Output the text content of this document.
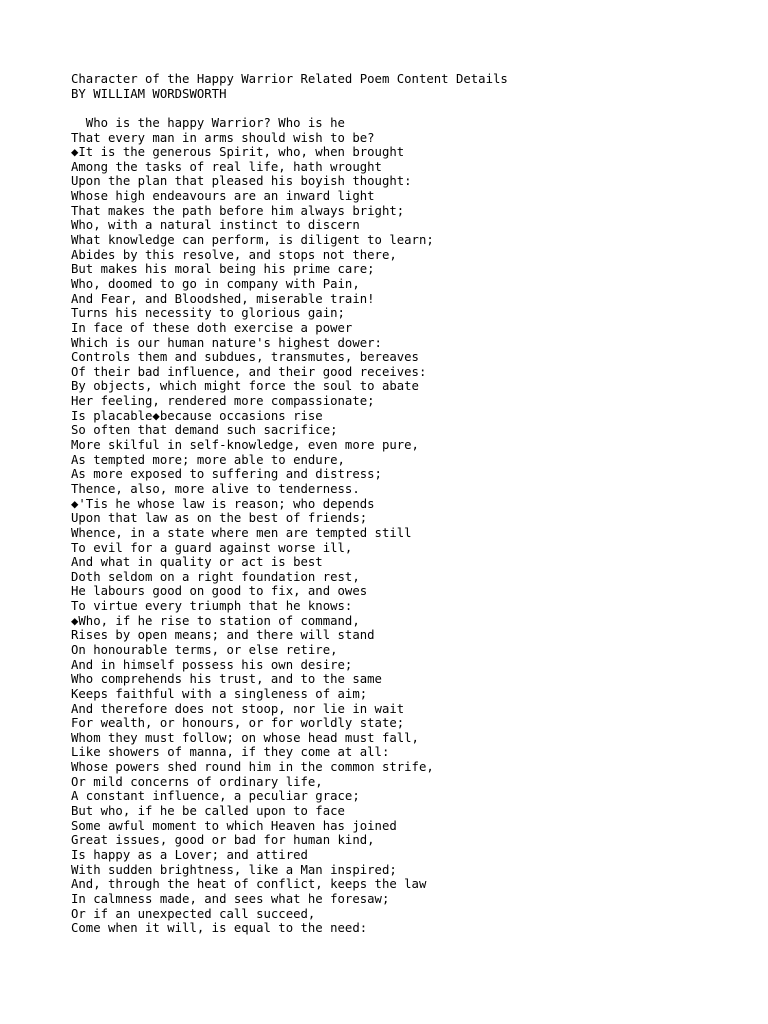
Character of the Happy Warrior Related Poem Content Details
BY WILLIAM WORDSWORTH
Who is the happy Warrior? Who is he
That every man in arms should wish to be?
◆It is the generous Spirit, who, when brought
Among the tasks of real life, hath wrought
Upon the plan that pleased his boyish thought:
Whose high endeavours are an inward light
That makes the path before him always bright;
Who, with a natural instinct to discern
What knowledge can perform, is diligent to learn;
Abides by this resolve, and stops not there,
But makes his moral being his prime care;
Who, doomed to go in company with Pain,
And Fear, and Bloodshed, miserable train!
Turns his necessity to glorious gain;
In face of these doth exercise a power
Which is our human nature's highest dower:
Controls them and subdues, transmutes, bereaves
Of their bad influence, and their good receives:
By objects, which might force the soul to abate
Her feeling, rendered more compassionate;
Is placable◆because occasions rise
So often that demand such sacrifice;
More skilful in self-knowledge, even more pure,
As tempted more; more able to endure,
As more exposed to suffering and distress;
Thence, also, more alive to tenderness.
◆'Tis he whose law is reason; who depends
Upon that law as on the best of friends;
Whence, in a state where men are tempted still
To evil for a guard against worse ill,
And what in quality or act is best
Doth seldom on a right foundation rest,
He labours good on good to fix, and owes
To virtue every triumph that he knows:
◆Who, if he rise to station of command,
Rises by open means; and there will stand
On honourable terms, or else retire,
And in himself possess his own desire;
Who comprehends his trust, and to the same
Keeps faithful with a singleness of aim;
And therefore does not stoop, nor lie in wait
For wealth, or honours, or for worldly state;
Whom they must follow; on whose head must fall,
Like showers of manna, if they come at all:
Whose powers shed round him in the common strife,
Or mild concerns of ordinary life,
A constant influence, a peculiar grace;
But who, if he be called upon to face
Some awful moment to which Heaven has joined
Great issues, good or bad for human kind,
Is happy as a Lover; and attired
With sudden brightness, like a Man inspired;
And, through the heat of conflict, keeps the law
In calmness made, and sees what he foresaw;
Or if an unexpected call succeed,
Come when it will, is equal to the need:
